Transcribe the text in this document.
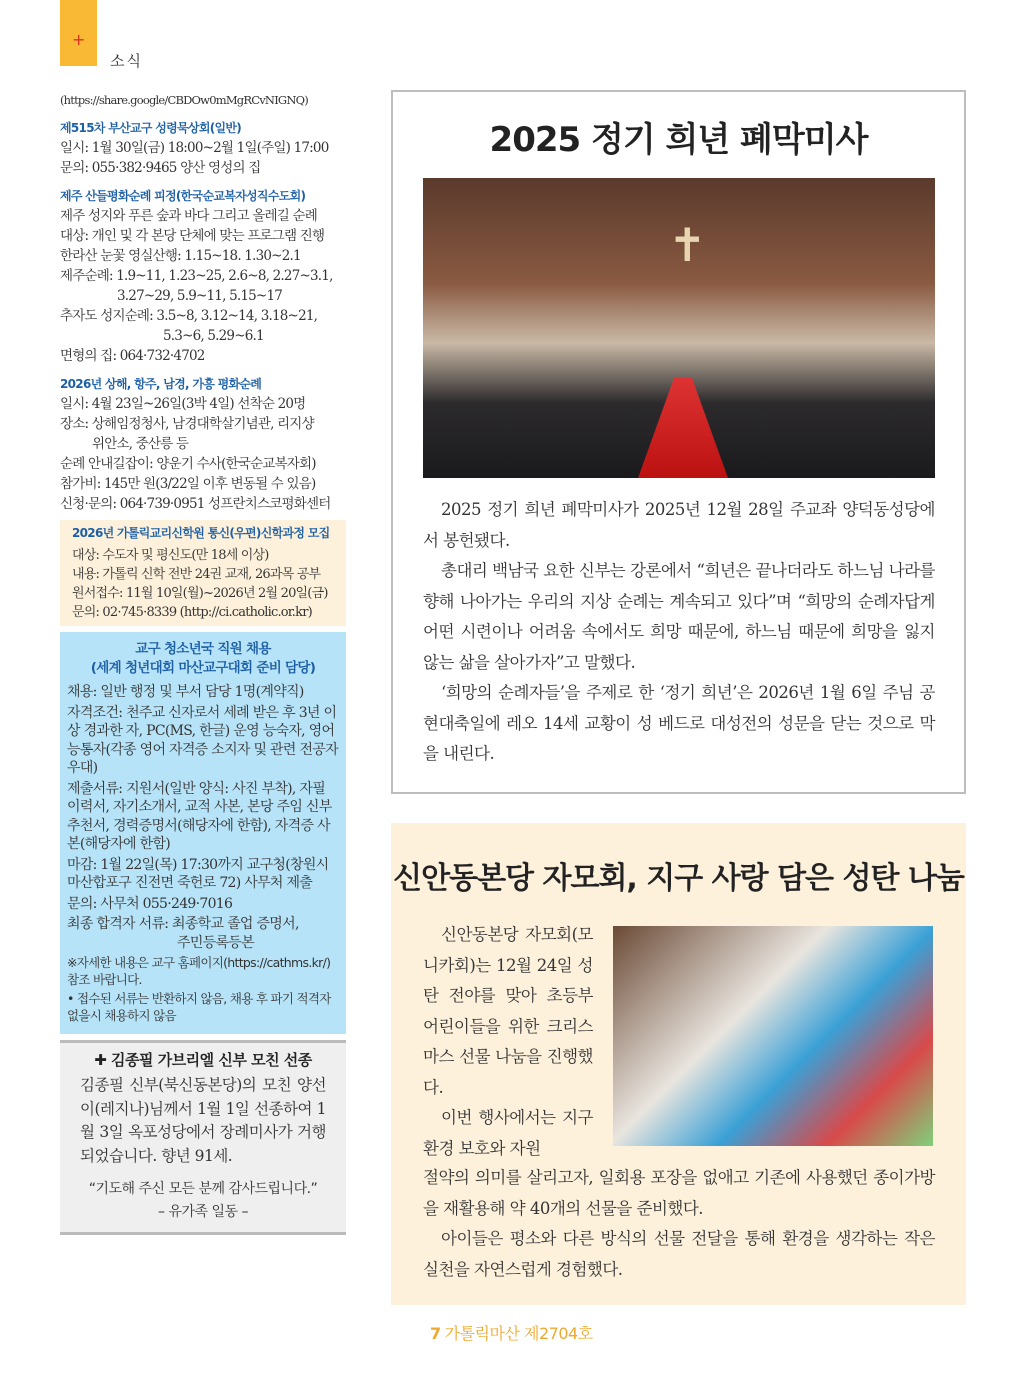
+
소식
(https://share.google/CBDOw0mMgRCvNIGNQ)
제515차 부산교구 성령묵상회(일반)
일시: 1월 30일(금) 18:00~2월 1일(주일) 17:00
문의: 055·382·9465 양산 영성의 집
제주 산들평화순례 피정(한국순교복자성직수도회)
제주 성지와 푸른 숲과 바다 그리고 올레길 순례
대상: 개인 및 각 본당 단체에 맞는 프로그램 진행
한라산 눈꽃 영실산행: 1.15~18. 1.30~2.1
제주순례: 1.9~11, 1.23~25, 2.6~8, 2.27~3.1,
3.27~29, 5.9~11, 5.15~17
추자도 성지순례: 3.5~8, 3.12~14, 3.18~21,
5.3~6, 5.29~6.1
면형의 집: 064·732·4702
2026년 상해, 항주, 남경, 가흥 평화순례
일시: 4월 23일~26일(3박 4일) 선착순 20명
장소: 상해임정청사, 남경대학살기념관, 리지샹
위안소, 중산릉 등
순례 안내길잡이: 양운기 수사(한국순교복자회)
참가비: 145만 원(3/22일 이후 변동될 수 있음)
신청·문의: 064·739·0951 성프란치스코평화센터
2026년 가톨릭교리신학원 통신(우편)신학과정 모집
대상: 수도자 및 평신도(만 18세 이상)
내용: 가톨릭 신학 전반 24권 교재, 26과목 공부
원서접수: 11월 10일(월)~2026년 2월 20일(금)
문의: 02·745·8339 (http://ci.catholic.or.kr)
교구 청소년국 직원 채용
(세계 청년대회 마산교구대회 준비 담당)

채용: 일반 행정 및 부서 담당 1명(계약직)

자격조건: 천주교 신자로서 세례 받은 후 3년 이상 경과한 자, PC(MS, 한글) 운영 능숙자, 영어능통자(각종 영어 자격증 소지자 및 관련 전공자 우대)

제출서류: 지원서(일반 양식: 사진 부착), 자필 이력서, 자기소개서, 교적 사본, 본당 주임 신부 추천서, 경력증명서(해당자에 한함), 자격증 사본(해당자에 한함)

마감: 1월 22일(목) 17:30까지 교구청(창원시 마산합포구 진전면 죽헌로 72) 사무처 제출

문의: 사무처 055·249·7016

최종 합격자 서류: 최종학교 졸업 증명서,

주민등록등본

※자세한 내용은 교구 홈페이지(https://cathms.kr/) 참조 바랍니다.

• 접수된 서류는 반환하지 않음, 채용 후 파기 적격자 없을시 채용하지 않음

✚ 김종필 가브리엘 신부 모친 선종
김종필 신부(북신동본당)의 모친 양선이(레지나)님께서 1월 1일 선종하여 1월 3일 옥포성당에서 장례미사가 거행되었습니다. 향년 91세.
“기도해 주신 모든 분께 감사드립니다.”
– 유가족 일동 –
2025 정기 희년 폐막미사
✝

2025 정기 희년 폐막미사가 2025년 12월 28일 주교좌 양덕동성당에서 봉헌됐다.

총대리 백남국 요한 신부는 강론에서 “희년은 끝나더라도 하느님 나라를 향해 나아가는 우리의 지상 순례는 계속되고 있다”며 “희망의 순례자답게 어떤 시련이나 어려움 속에서도 희망 때문에, 하느님 때문에 희망을 잃지 않는 삶을 살아가자”고 말했다.

‘희망의 순례자들’을 주제로 한 ‘정기 희년’은 2026년 1월 6일 주님 공현대축일에 레오 14세 교황이 성 베드로 대성전의 성문을 닫는 것으로 막을 내린다.

신안동본당 자모회, 지구 사랑 담은 성탄 나눔

신안동본당 자모회(모니카회)는 12월 24일 성탄 전야를 맞아 초등부 어린이들을 위한 크리스마스 선물 나눔을 진행했다.

이번 행사에서는 지구 환경 보호와 자원

절약의 의미를 살리고자, 일회용 포장을 없애고 기존에 사용했던 종이가방을 재활용해 약 40개의 선물을 준비했다.

아이들은 평소와 다른 방식의 선물 전달을 통해 환경을 생각하는 작은 실천을 자연스럽게 경험했다.

7 가톨릭마산 제2704호
